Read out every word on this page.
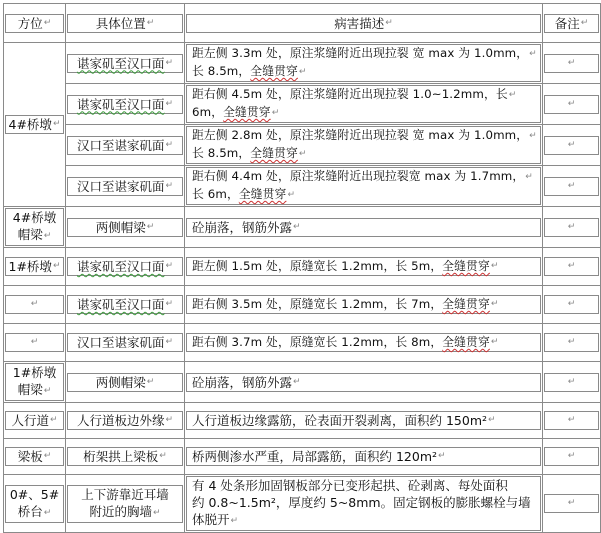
方位 ↵	具体位置 ↵	病害描述 ↵	备注 ↵

4#桥墩 ↵	谌家矶至汉口面 ↵	距左侧 3.3m 处，原注浆缝附近出现拉裂 宽 max 为 1.0mm，↵
长 8.5m，全缝贯穿↵	↵

	谌家矶至汉口面 ↵	距右侧 4.5m 处，原注浆缝附近出现拉裂 1.0~1.2mm，长↵
6m，全缝贯穿↵	↵

	汉口至谌家矶面 ↵	距左侧 2.8m 处，原注浆缝附近出现拉裂 宽 max 为 1.0mm，↵
长 8.5m，全缝贯穿↵	↵

	汉口至谌家矶面 ↵	距右侧 4.4m 处，原注浆缝附近出现拉裂宽 max 为 1.7mm，↵
长 6m，全缝贯穿↵	↵

4#桥墩
帽梁↵	两侧帽梁 ↵	砼崩落，钢筋外露 ↵	↵

1#桥墩 ↵	谌家矶至汉口面 ↵	距左侧 1.5m 处，原缝宽长 1.2mm，长 5m， 全缝贯穿 ↵	↵

↵	谌家矶至汉口面 ↵	距右侧 3.5m 处，原缝宽长 1.2mm，长 7m， 全缝贯穿 ↵	↵

↵	汉口至谌家矶面 ↵	距右侧 3.7m 处，原缝宽长 1.2mm，长 8m， 全缝贯穿 ↵	↵

1#桥墩
帽梁↵	两侧帽梁 ↵	砼崩落，钢筋外露 ↵	↵

人行道 ↵	人行道板边外缘 ↵	人行道板边缘露筋，砼表面开裂剥离，面积约 150m² ↵	↵

梁板 ↵	桁架拱上梁板 ↵	桥两侧渗水严重，局部露筋，面积约 120m² ↵	↵

0#、5#
桥台↵	上下游靠近耳墙
附近的胸墙↵	有 4 处条形加固钢板部分已变形起拱、砼剥离、每处面积
约 0.8~1.5m²，厚度约 5~8mm。固定钢板的膨胀螺栓与墙
体脱开↵	↵
